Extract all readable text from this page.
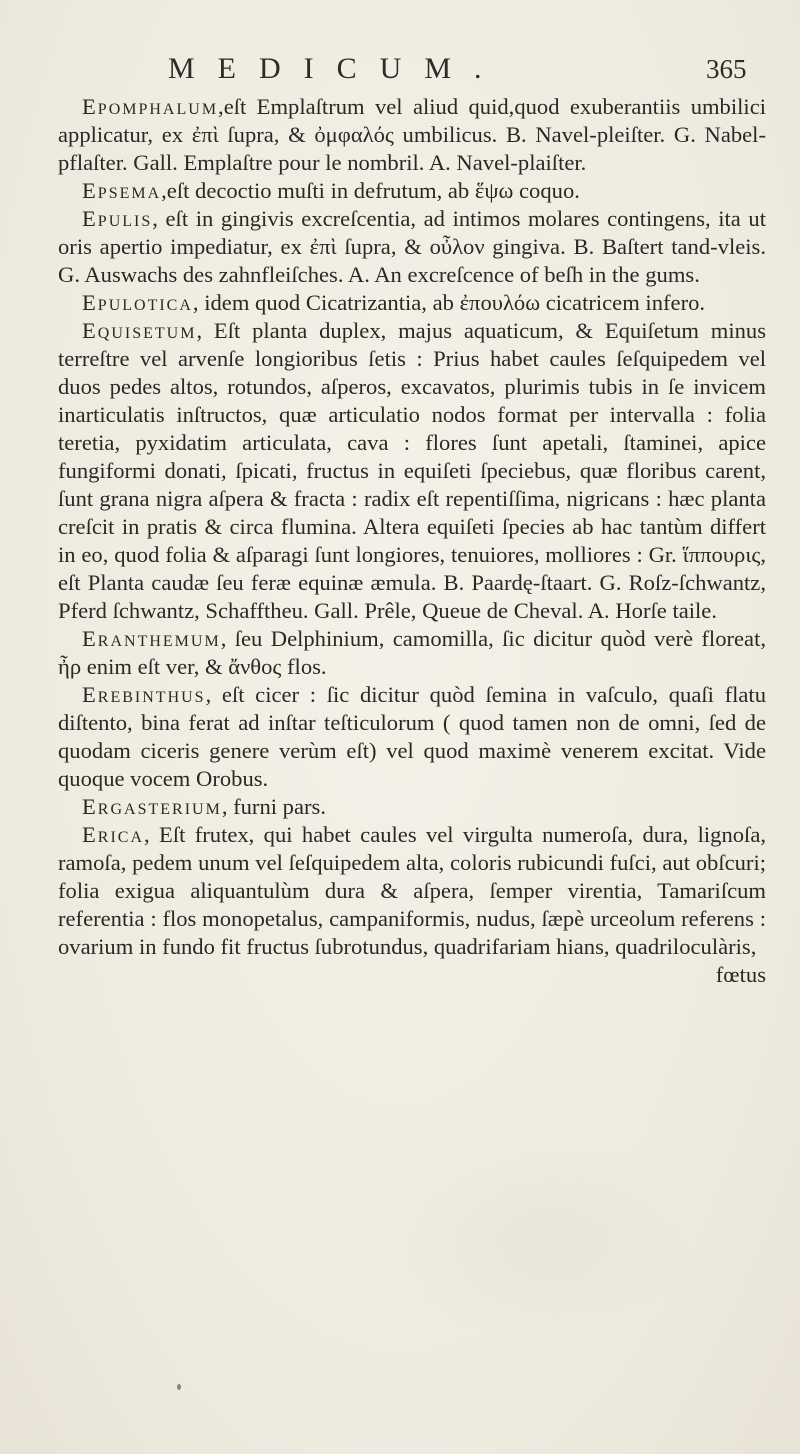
MEDICUM.	365

Epomphalum,eſt Emplaſtrum vel aliud quid,quod exuberantiis umbilici applicatur, ex ἐπὶ ſupra, & ὀμφαλός umbilicus. B. Navel-pleiſter. G. Nabel-pflaſter. Gall. Emplaſtre pour le nombril. A. Navel-plaiſter.

Epsema,eſt decoctio muſti in defrutum, ab ἕψω coquo.

Epulis, eſt in gingivis excreſcentia, ad intimos molares contingens, ita ut oris apertio impediatur, ex ἐπὶ ſupra, & οὖλον gingiva. B. Baſtert tand-vleis. G. Auswachs des zahnfleiſches. A. An excreſcence of beſh in the gums.

Epulotica, idem quod Cicatrizantia, ab ἐπουλόω cicatricem infero.

Equisetum, Eſt planta duplex, majus aquaticum, & Equiſetum minus terreſtre vel arvenſe longioribus ſetis : Prius habet caules ſeſquipedem vel duos pedes altos, rotundos, aſperos, excavatos, plurimis tubis in ſe invicem inarticulatis inſtructos, quæ articulatio nodos format per intervalla : folia teretia, pyxidatim articulata, cava : flores ſunt apetali, ſtaminei, apice fungiformi donati, ſpicati, fructus in equiſeti ſpeciebus, quæ floribus carent, ſunt grana nigra aſpera & fracta : radix eſt repentiſſima, nigricans : hæc planta creſcit in pratis & circa flumina. Altera equiſeti ſpecies ab hac tantùm differt in eo, quod folia & aſparagi ſunt longiores, tenuiores, molliores : Gr. ἵππουρις, eſt Planta caudæ ſeu feræ equinæ æmula. B. Paardę-ſtaart. G. Roſz-ſchwantz, Pferd ſchwantz, Schafftheu. Gall. Prêle, Queue de Cheval. A. Horſe taile.

Eranthemum, ſeu Delphinium, camomilla, ſic dicitur quòd verè floreat, ἦρ enim eſt ver, & ἄνθος flos.

Erebinthus, eſt cicer : ſic dicitur quòd ſemina in vaſculo, quaſi flatu diſtento, bina ferat ad inſtar teſticulorum ( quod tamen non de omni, ſed de quodam ciceris genere verùm eſt) vel quod maximè venerem excitat. Vide quoque vocem Orobus.

Ergasterium, furni pars.

Erica, Eſt frutex, qui habet caules vel virgulta numeroſa, dura, lignoſa, ramoſa, pedem unum vel ſeſquipedem alta, coloris rubicundi fuſci, aut obſcuri; folia exigua aliquantulùm dura & aſpera, ſemper virentia, Tamariſcum referentia : flos monopetalus, campaniformis, nudus, ſæpè urceolum referens : ovarium in fundo fit fructus ſubrotundus, quadrifariam hians, quadriloculàris,

fœtus
